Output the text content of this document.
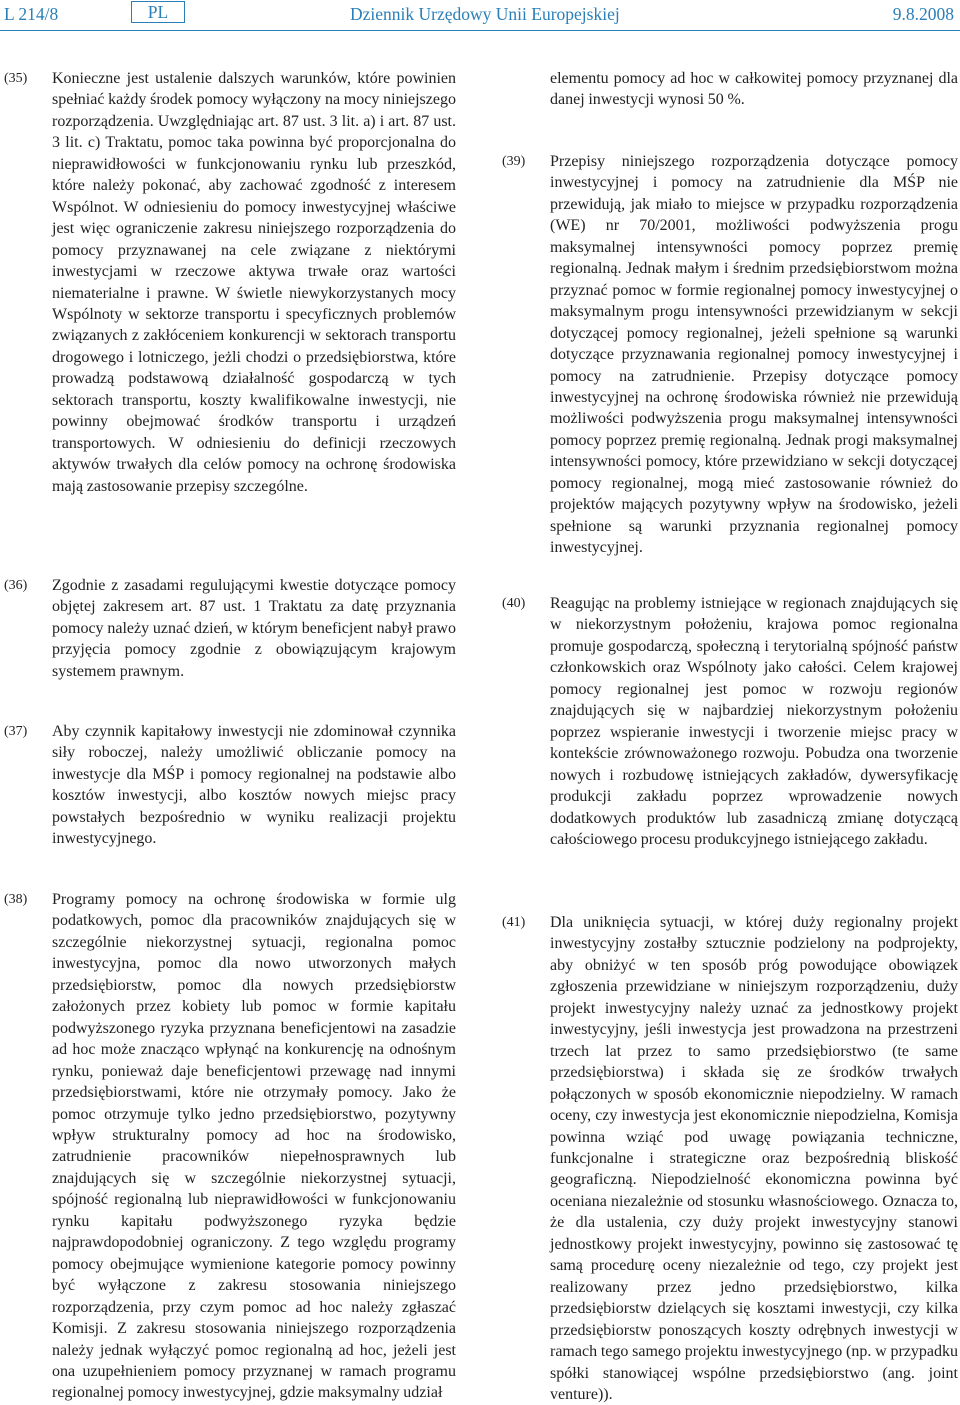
L 214/8	PL	Dziennik Urzędowy Unii Europejskiej	9.8.2008
(35) Konieczne jest ustalenie dalszych warunków, które powinien spełniać każdy środek pomocy wyłączony na mocy niniejszego rozporządzenia. Uwzględniając art. 87 ust. 3 lit. a) i art. 87 ust. 3 lit. c) Traktatu, pomoc taka powinna być proporcjonalna do nieprawidłowości w funkcjonowaniu rynku lub przeszkód, które należy pokonać, aby zachować zgodność z interesem Wspólnot. W odniesieniu do pomocy inwestycyjnej właściwe jest więc ograniczenie zakresu niniejszego rozporządzenia do pomocy przyznawanej na cele związane z niektórymi inwestycjami w rzeczowe aktywa trwałe oraz wartości niematerialne i prawne. W świetle niewykorzystanych mocy Wspólnoty w sektorze transportu i specyficznych problemów związanych z zakłóceniem konkurencji w sektorach transportu drogowego i lotniczego, jeżli chodzi o przedsiębiorstwa, które prowadzą podstawową działalność gospodarczą w tych sektorach transportu, koszty kwalifikowalne inwestycji, nie powinny obejmować środków transportu i urządzeń transportowych. W odniesieniu do definicji rzeczowych aktywów trwałych dla celów pomocy na ochronę środowiska mają zastosowanie przepisy szczególne.

(36) Zgodnie z zasadami regulującymi kwestie dotyczące pomocy objętej zakresem art. 87 ust. 1 Traktatu za datę przyznania pomocy należy uznać dzień, w którym beneficjent nabył prawo przyjęcia pomocy zgodnie z obowiązującym krajowym systemem prawnym.

(37) Aby czynnik kapitałowy inwestycji nie zdominował czynnika siły roboczej, należy umożliwić obliczanie pomocy na inwestycje dla MŚP i pomocy regionalnej na podstawie albo kosztów inwestycji, albo kosztów nowych miejsc pracy powstałych bezpośrednio w wyniku realizacji projektu inwestycyjnego.

(38) Programy pomocy na ochronę środowiska w formie ulg podatkowych, pomoc dla pracowników znajdujących się w szczególnie niekorzystnej sytuacji, regionalna pomoc inwestycyjna, pomoc dla nowo utworzonych małych przedsiębiorstw, pomoc dla nowych przedsiębiorstw założonych przez kobiety lub pomoc w formie kapitału podwyższonego ryzyka przyznana beneficjentowi na zasadzie ad hoc może znacząco wpłynąć na konkurencję na odnośnym rynku, ponieważ daje beneficjentowi przewagę nad innymi przedsiębiorstwami, które nie otrzymały pomocy. Jako że pomoc otrzymuje tylko jedno przedsiębiorstwo, pozytywny wpływ strukturalny pomocy ad hoc na środowisko, zatrudnienie pracowników niepełnosprawnych lub znajdujących się w szczególnie niekorzystnej sytuacji, spójność regionalną lub nieprawidłowości w funkcjonowaniu rynku kapitału podwyższonego ryzyka będzie najprawdopodobniej ograniczony. Z tego względu programy pomocy obejmujące wymienione kategorie pomocy powinny być wyłączone z zakresu stosowania niniejszego rozporządzenia, przy czym pomoc ad hoc należy zgłaszać Komisji. Z zakresu stosowania niniejszego rozporządzenia należy jednak wyłączyć pomoc regionalną ad hoc, jeżeli jest ona uzupełnieniem pomocy przyznanej w ramach programu regionalnej pomocy inwestycyjnej, gdzie maksymalny udział

elementu pomocy ad hoc w całkowitej pomocy przyznanej dla danej inwestycji wynosi 50 %.

(39) Przepisy niniejszego rozporządzenia dotyczące pomocy inwestycyjnej i pomocy na zatrudnienie dla MŚP nie przewidują, jak miało to miejsce w przypadku rozporządzenia (WE) nr 70/2001, możliwości podwyższenia progu maksymalnej intensywności pomocy poprzez premię regionalną. Jednak małym i średnim przedsiębiorstwom można przyznać pomoc w formie regionalnej pomocy inwestycyjnej o maksymalnym progu intensywności przewidzianym w sekcji dotyczącej pomocy regionalnej, jeżeli spełnione są warunki dotyczące przyznawania regionalnej pomocy inwestycyjnej i pomocy na zatrudnienie. Przepisy dotyczące pomocy inwestycyjnej na ochronę środowiska również nie przewidują możliwości podwyższenia progu maksymalnej intensywności pomocy poprzez premię regionalną. Jednak progi maksymalnej intensywności pomocy, które przewidziano w sekcji dotyczącej pomocy regionalnej, mogą mieć zastosowanie również do projektów mających pozytywny wpływ na środowisko, jeżeli spełnione są warunki przyznania regionalnej pomocy inwestycyjnej.

(40) Reagując na problemy istniejące w regionach znajdujących się w niekorzystnym położeniu, krajowa pomoc regionalna promuje gospodarczą, społeczną i terytorialną spójność państw członkowskich oraz Wspólnoty jako całości. Celem krajowej pomocy regionalnej jest pomoc w rozwoju regionów znajdujących się w najbardziej niekorzystnym położeniu poprzez wspieranie inwestycji i tworzenie miejsc pracy w kontekście zrównoważonego rozwoju. Pobudza ona tworzenie nowych i rozbudowę istniejących zakładów, dywersyfikację produkcji zakładu poprzez wprowadzenie nowych dodatkowych produktów lub zasadniczą zmianę dotyczącą całościowego procesu produkcyjnego istniejącego zakładu.

(41) Dla uniknięcia sytuacji, w której duży regionalny projekt inwestycyjny zostałby sztucznie podzielony na podprojekty, aby obniżyć w ten sposób próg powodujące obowiązek zgłoszenia przewidziane w niniejszym rozporządzeniu, duży projekt inwestycyjny należy uznać za jednostkowy projekt inwestycyjny, jeśli inwestycja jest prowadzona na przestrzeni trzech lat przez to samo przedsiębiorstwo (te same przedsiębiorstwa) i składa się ze środków trwałych połączonych w sposób ekonomicznie niepodzielny. W ramach oceny, czy inwestycja jest ekonomicznie niepodzielna, Komisja powinna wziąć pod uwagę powiązania techniczne, funkcjonalne i strategiczne oraz bezpośrednią bliskość geograficzną. Niepodzielność ekonomiczna powinna być oceniana niezależnie od stosunku własnościowego. Oznacza to, że dla ustalenia, czy duży projekt inwestycyjny stanowi jednostkowy projekt inwestycyjny, powinno się zastosować tę samą procedurę oceny niezależnie od tego, czy projekt jest realizowany przez jedno przedsiębiorstwo, kilka przedsiębiorstw dzielących się kosztami inwestycji, czy kilka przedsiębiorstw ponoszących koszty odrębnych inwestycji w ramach tego samego projektu inwestycyjnego (np. w przypadku spółki stanowiącej wspólne przedsiębiorstwo (ang. joint venture)).
